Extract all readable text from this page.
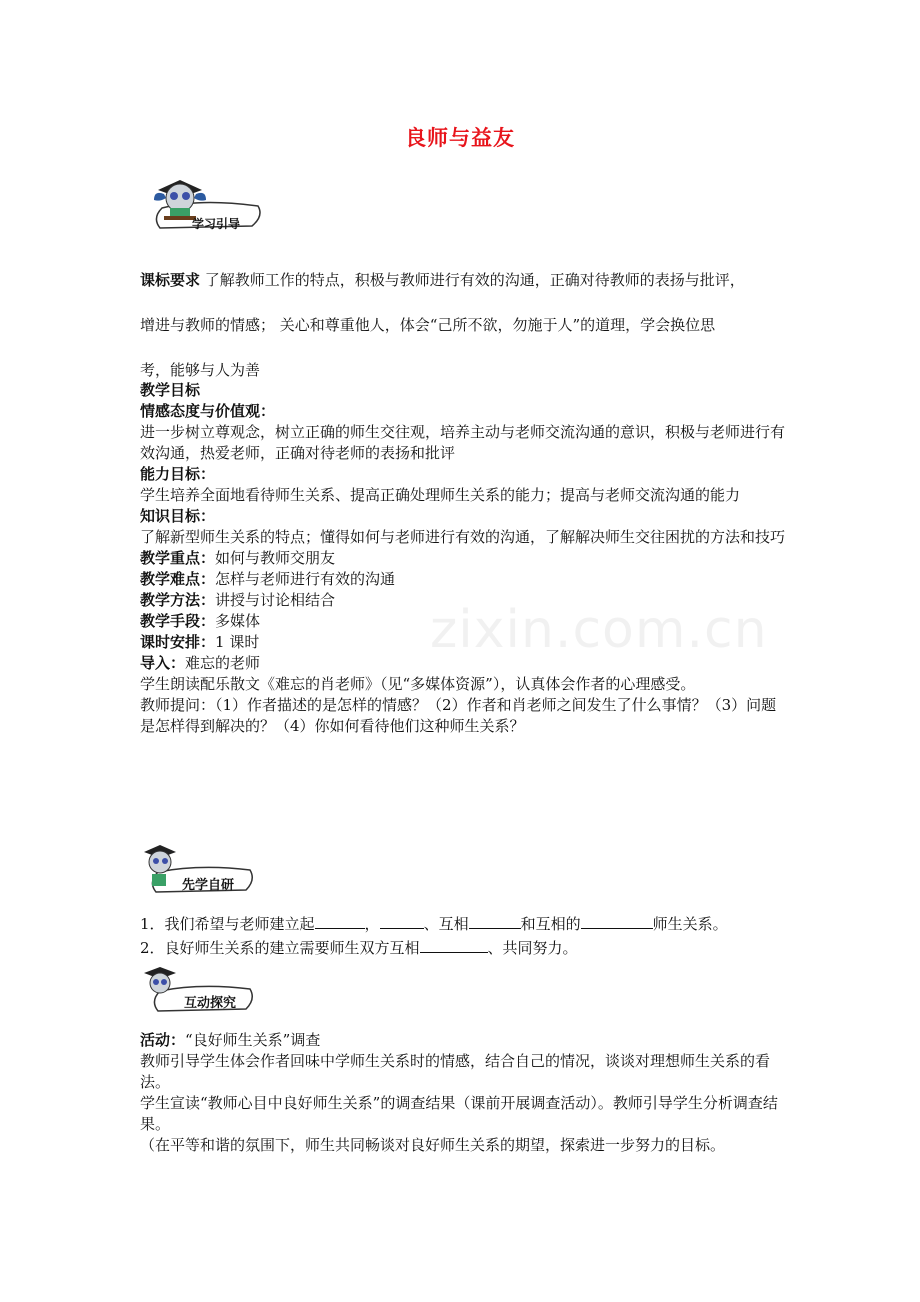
良师与益友
zixin.com.cn
学习引导
课标要求 了解教师工作的特点，积极与教师进行有效的沟通，正确对待教师的表扬与批评，
增进与教师的情感； 关心和尊重他人，体会“己所不欲，勿施于人”的道理，学会换位思
考，能够与人为善
教学目标
情感态度与价值观：
进一步树立尊观念，树立正确的师生交往观，培养主动与老师交流沟通的意识，积极与老师进行有效沟通，热爱老师，正确对待老师的表扬和批评
能力目标：
学生培养全面地看待师生关系、提高正确处理师生关系的能力；提高与老师交流沟通的能力
知识目标：
了解新型师生关系的特点；懂得如何与老师进行有效的沟通，了解解决师生交往困扰的方法和技巧
教学重点：如何与教师交朋友
教学难点：怎样与老师进行有效的沟通
教学方法：讲授与讨论相结合
教学手段：多媒体
课时安排：1 课时
导入：难忘的老师
学生朗读配乐散文《难忘的肖老师》（见“多媒体资源”），认真体会作者的心理感受。
教师提问：（1）作者描述的是怎样的情感？（2）作者和肖老师之间发生了什么事情？（3）问题是怎样得到解决的？（4）你如何看待他们这种师生关系？
先学自研
1．我们希望与老师建立起	，	、互相	和互相的	师生关系。
2．良好师生关系的建立需要师生双方互相	、共同努力。
互动探究
活动：“良好师生关系”调查
教师引导学生体会作者回味中学师生关系时的情感，结合自己的情况，谈谈对理想师生关系的看法。
学生宣读“教师心目中良好师生关系”的调查结果（课前开展调查活动）。教师引导学生分析调查结果。
（在平等和谐的氛围下，师生共同畅谈对良好师生关系的期望，探索进一步努力的目标。
